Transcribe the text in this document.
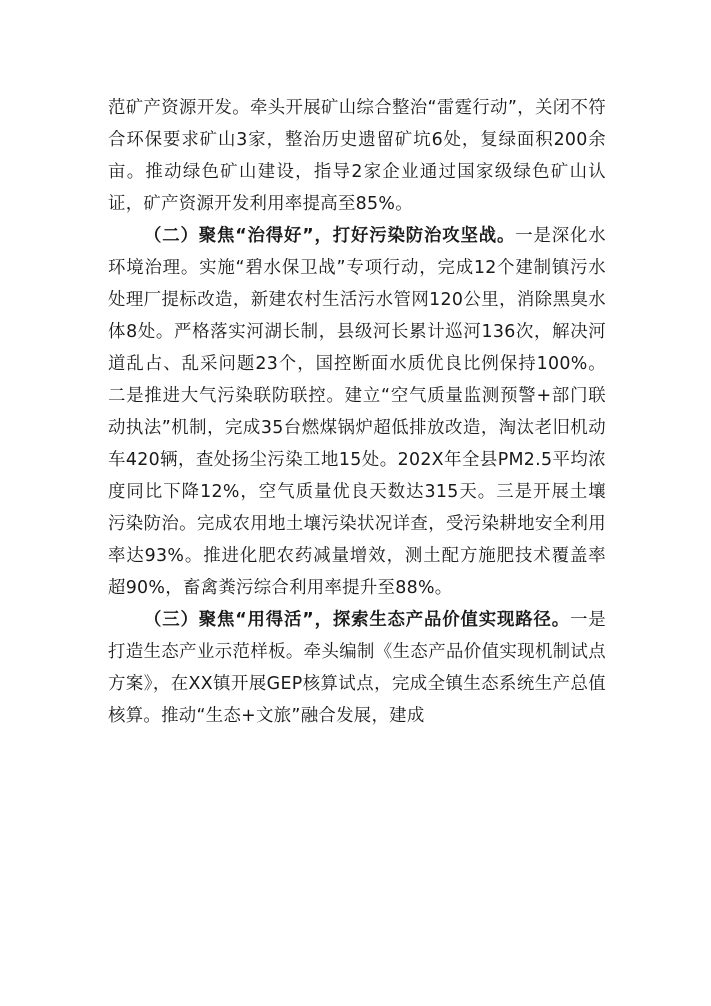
范矿产资源开发。牵头开展矿山综合整治“雷霆行动”，关闭不符合环保要求矿山3家，整治历史遗留矿坑6处，复绿面积200余亩。推动绿色矿山建设，指导2家企业通过国家级绿色矿山认证，矿产资源开发利用率提高至85%。

（二）聚焦“治得好”，打好污染防治攻坚战。一是深化水环境治理。实施“碧水保卫战”专项行动，完成12个建制镇污水处理厂提标改造，新建农村生活污水管网120公里，消除黑臭水体8处。严格落实河湖长制，县级河长累计巡河136次，解决河道乱占、乱采问题23个，国控断面水质优良比例保持100%。二是推进大气污染联防联控。建立“空气质量监测预警+部门联动执法”机制，完成35台燃煤锅炉超低排放改造，淘汰老旧机动车420辆，查处扬尘污染工地15处。202X年全县PM2.5平均浓度同比下降12%，空气质量优良天数达315天。三是开展土壤污染防治。完成农用地土壤污染状况详查，受污染耕地安全利用率达93%。推进化肥农药减量增效，测土配方施肥技术覆盖率超90%，畜禽粪污综合利用率提升至88%。

（三）聚焦“用得活”，探索生态产品价值实现路径。一是打造生态产业示范样板。牵头编制《生态产品价值实现机制试点方案》，在XX镇开展GEP核算试点，完成全镇生态系统生产总值核算。推动“生态+文旅”融合发展，建成
